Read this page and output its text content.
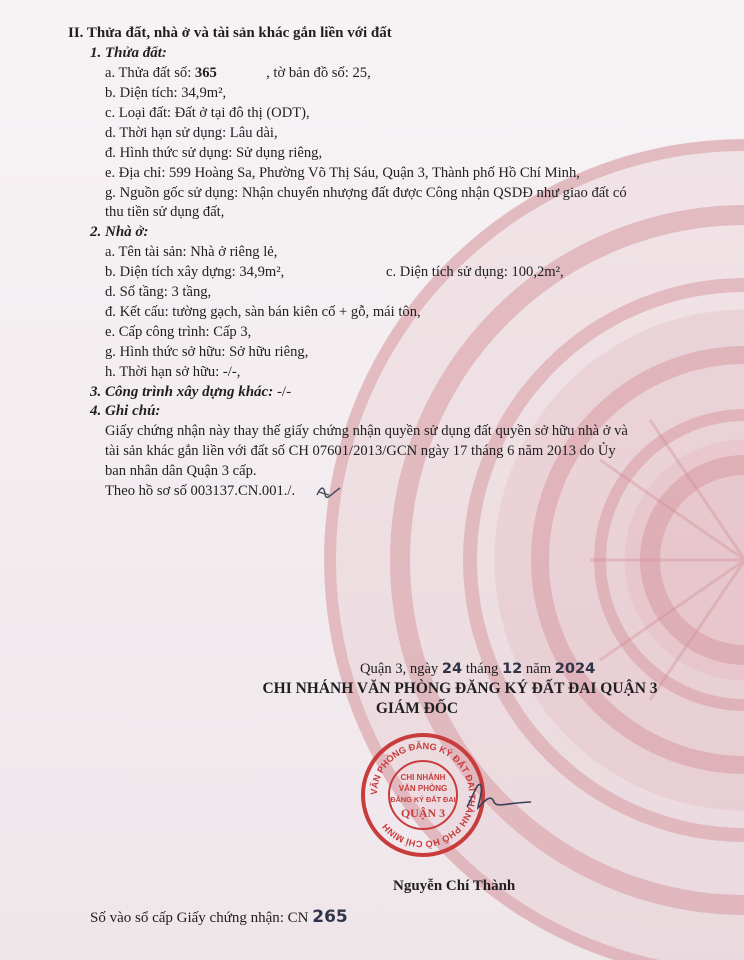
II. Thửa đất, nhà ở và tài sản khác gắn liền với đất
1. Thửa đất:
a. Thửa đất số: 365	, tờ bản đồ số: 25,
b. Diện tích: 34,9m²,
c. Loại đất: Đất ở tại đô thị (ODT),
d. Thời hạn sử dụng: Lâu dài,
đ. Hình thức sử dụng: Sử dụng riêng,
e. Địa chỉ: 599 Hoàng Sa, Phường Võ Thị Sáu, Quận 3, Thành phố Hồ Chí Minh,
g. Nguồn gốc sử dụng: Nhận chuyển nhượng đất được Công nhận QSDĐ như giao đất có
thu tiền sử dụng đất,
2. Nhà ở:
a. Tên tài sản: Nhà ở riêng lẻ,
b. Diện tích xây dựng: 34,9m²,	c. Diện tích sử dụng: 100,2m²,
d. Số tầng: 3 tầng,
đ. Kết cấu: tường gạch, sàn bán kiên cố + gỗ, mái tôn,
e. Cấp công trình: Cấp 3,
g. Hình thức sở hữu: Sở hữu riêng,
h. Thời hạn sở hữu: -/-,
3. Công trình xây dựng khác: -/-
4. Ghi chú:
Giấy chứng nhận này thay thế giấy chứng nhận quyền sử dụng đất quyền sở hữu nhà ở và
tài sản khác gắn liền với đất số CH 07601/2013/GCN ngày 17 tháng 6 năm 2013 do Ủy
ban nhân dân Quận 3 cấp.
Theo hồ sơ số 003137.CN.001./.
Quận 3, ngày 24 tháng 12 năm 2024
CHI NHÁNH VĂN PHÒNG ĐĂNG KÝ ĐẤT ĐAI QUẬN 3
GIÁM ĐỐC
VĂN PHÒNG ĐĂNG KÝ ĐẤT ĐAI THÀNH PHỐ HỒ CHÍ MINH
CHI NHÁNH
VĂN PHÒNG
ĐĂNG KÝ ĐẤT ĐAI
QUẬN 3
Nguyễn Chí Thành
Số vào sổ cấp Giấy chứng nhận: CN 265
